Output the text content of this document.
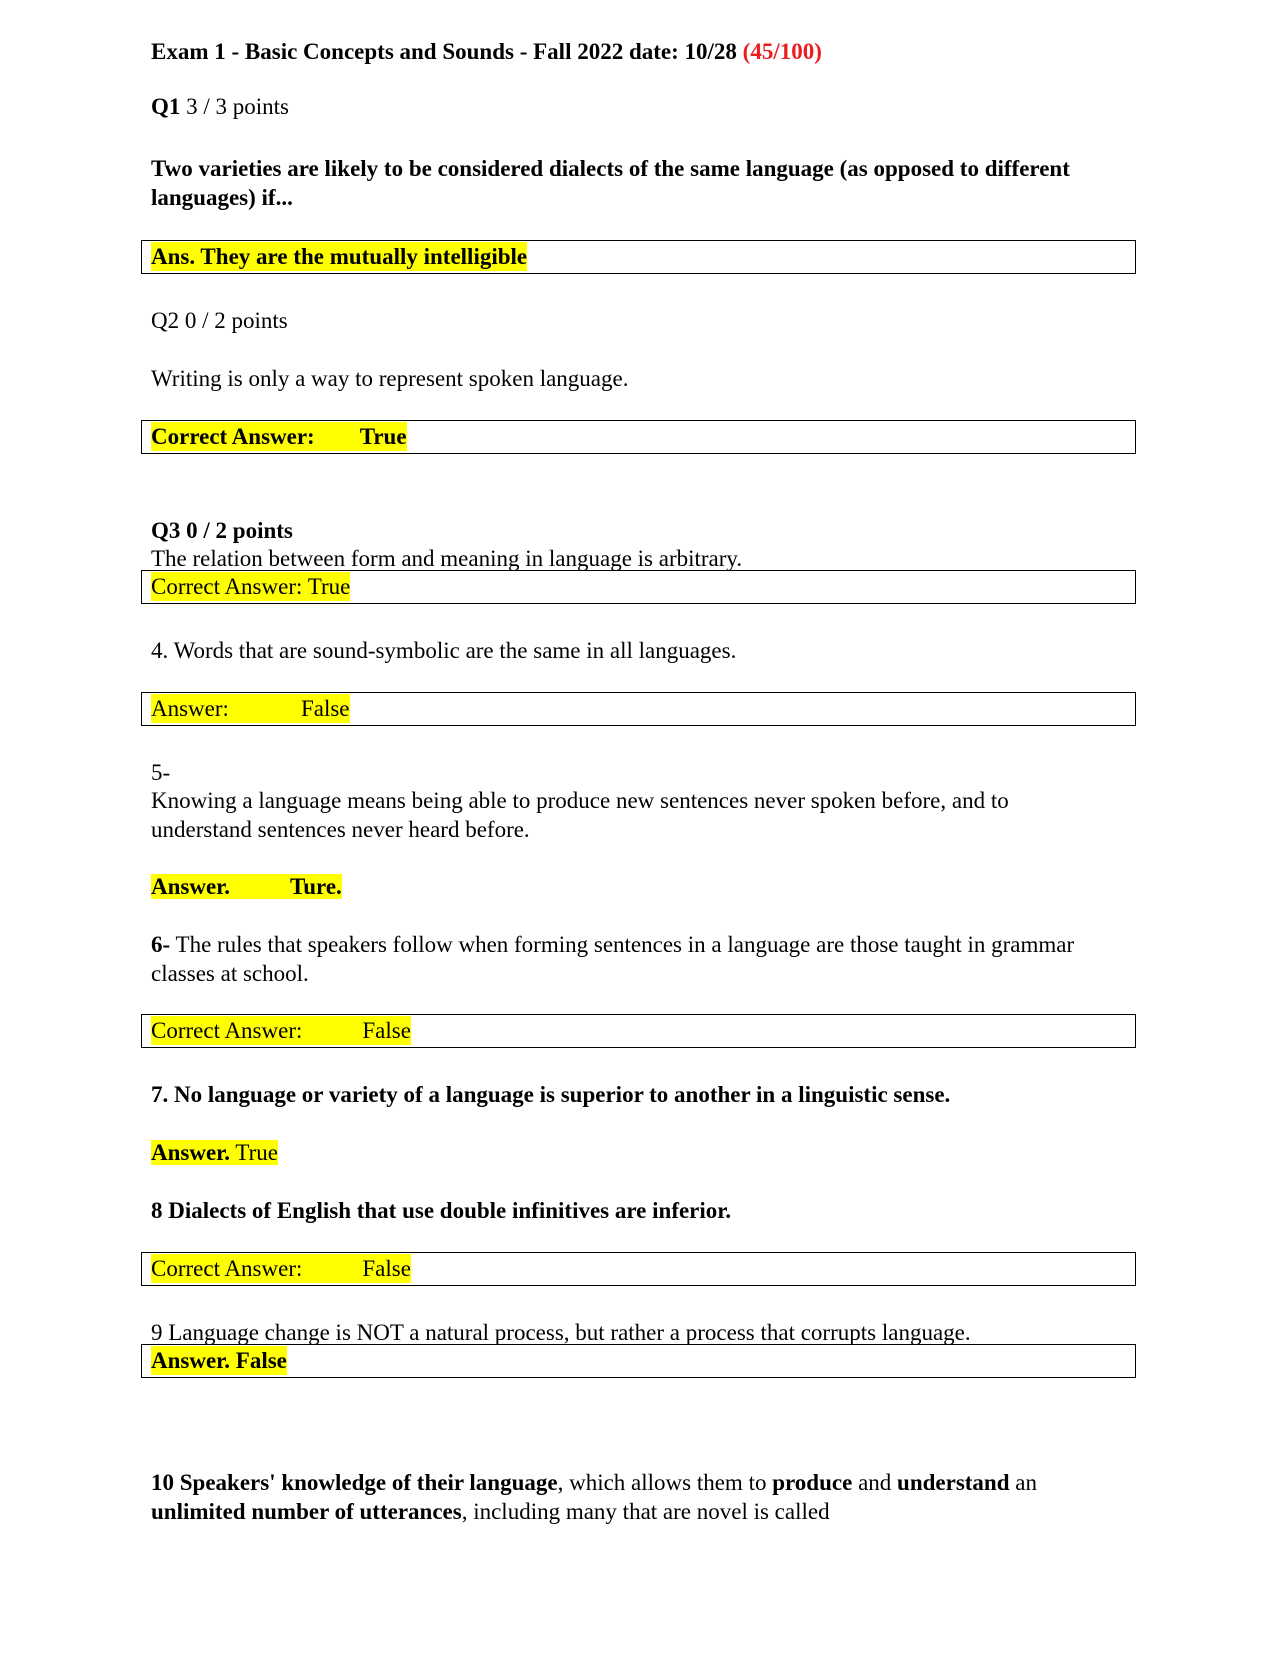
Exam 1 - Basic Concepts and Sounds - Fall 2022 date: 10/28 (45/100)

Q1 3 / 3 points

Two varieties are likely to be considered dialects of the same language (as opposed to different languages) if...

Ans. They are the mutually intelligible

Q2 0 / 2 points

Writing is only a way to represent spoken language.

Correct Answer: True

Q3 0 / 2 points

The relation between form and meaning in language is arbitrary.

Correct Answer: True

4. Words that are sound-symbolic are the same in all languages.

Answer:	False

5-

Knowing a language means being able to produce new sentences never spoken before, and to understand sentences never heard before.

Answer.	Ture.

6- The rules that speakers follow when forming sentences in a language are those taught in grammar classes at school.

Correct Answer:	False

7. No language or variety of a language is superior to another in a linguistic sense.

Answer. True

8 Dialects of English that use double infinitives are inferior.

Correct Answer:	False

9 Language change is NOT a natural process, but rather a process that corrupts language.

Answer. False

10 Speakers' knowledge of their language, which allows them to produce and understand an unlimited number of utterances, including many that are novel is called
